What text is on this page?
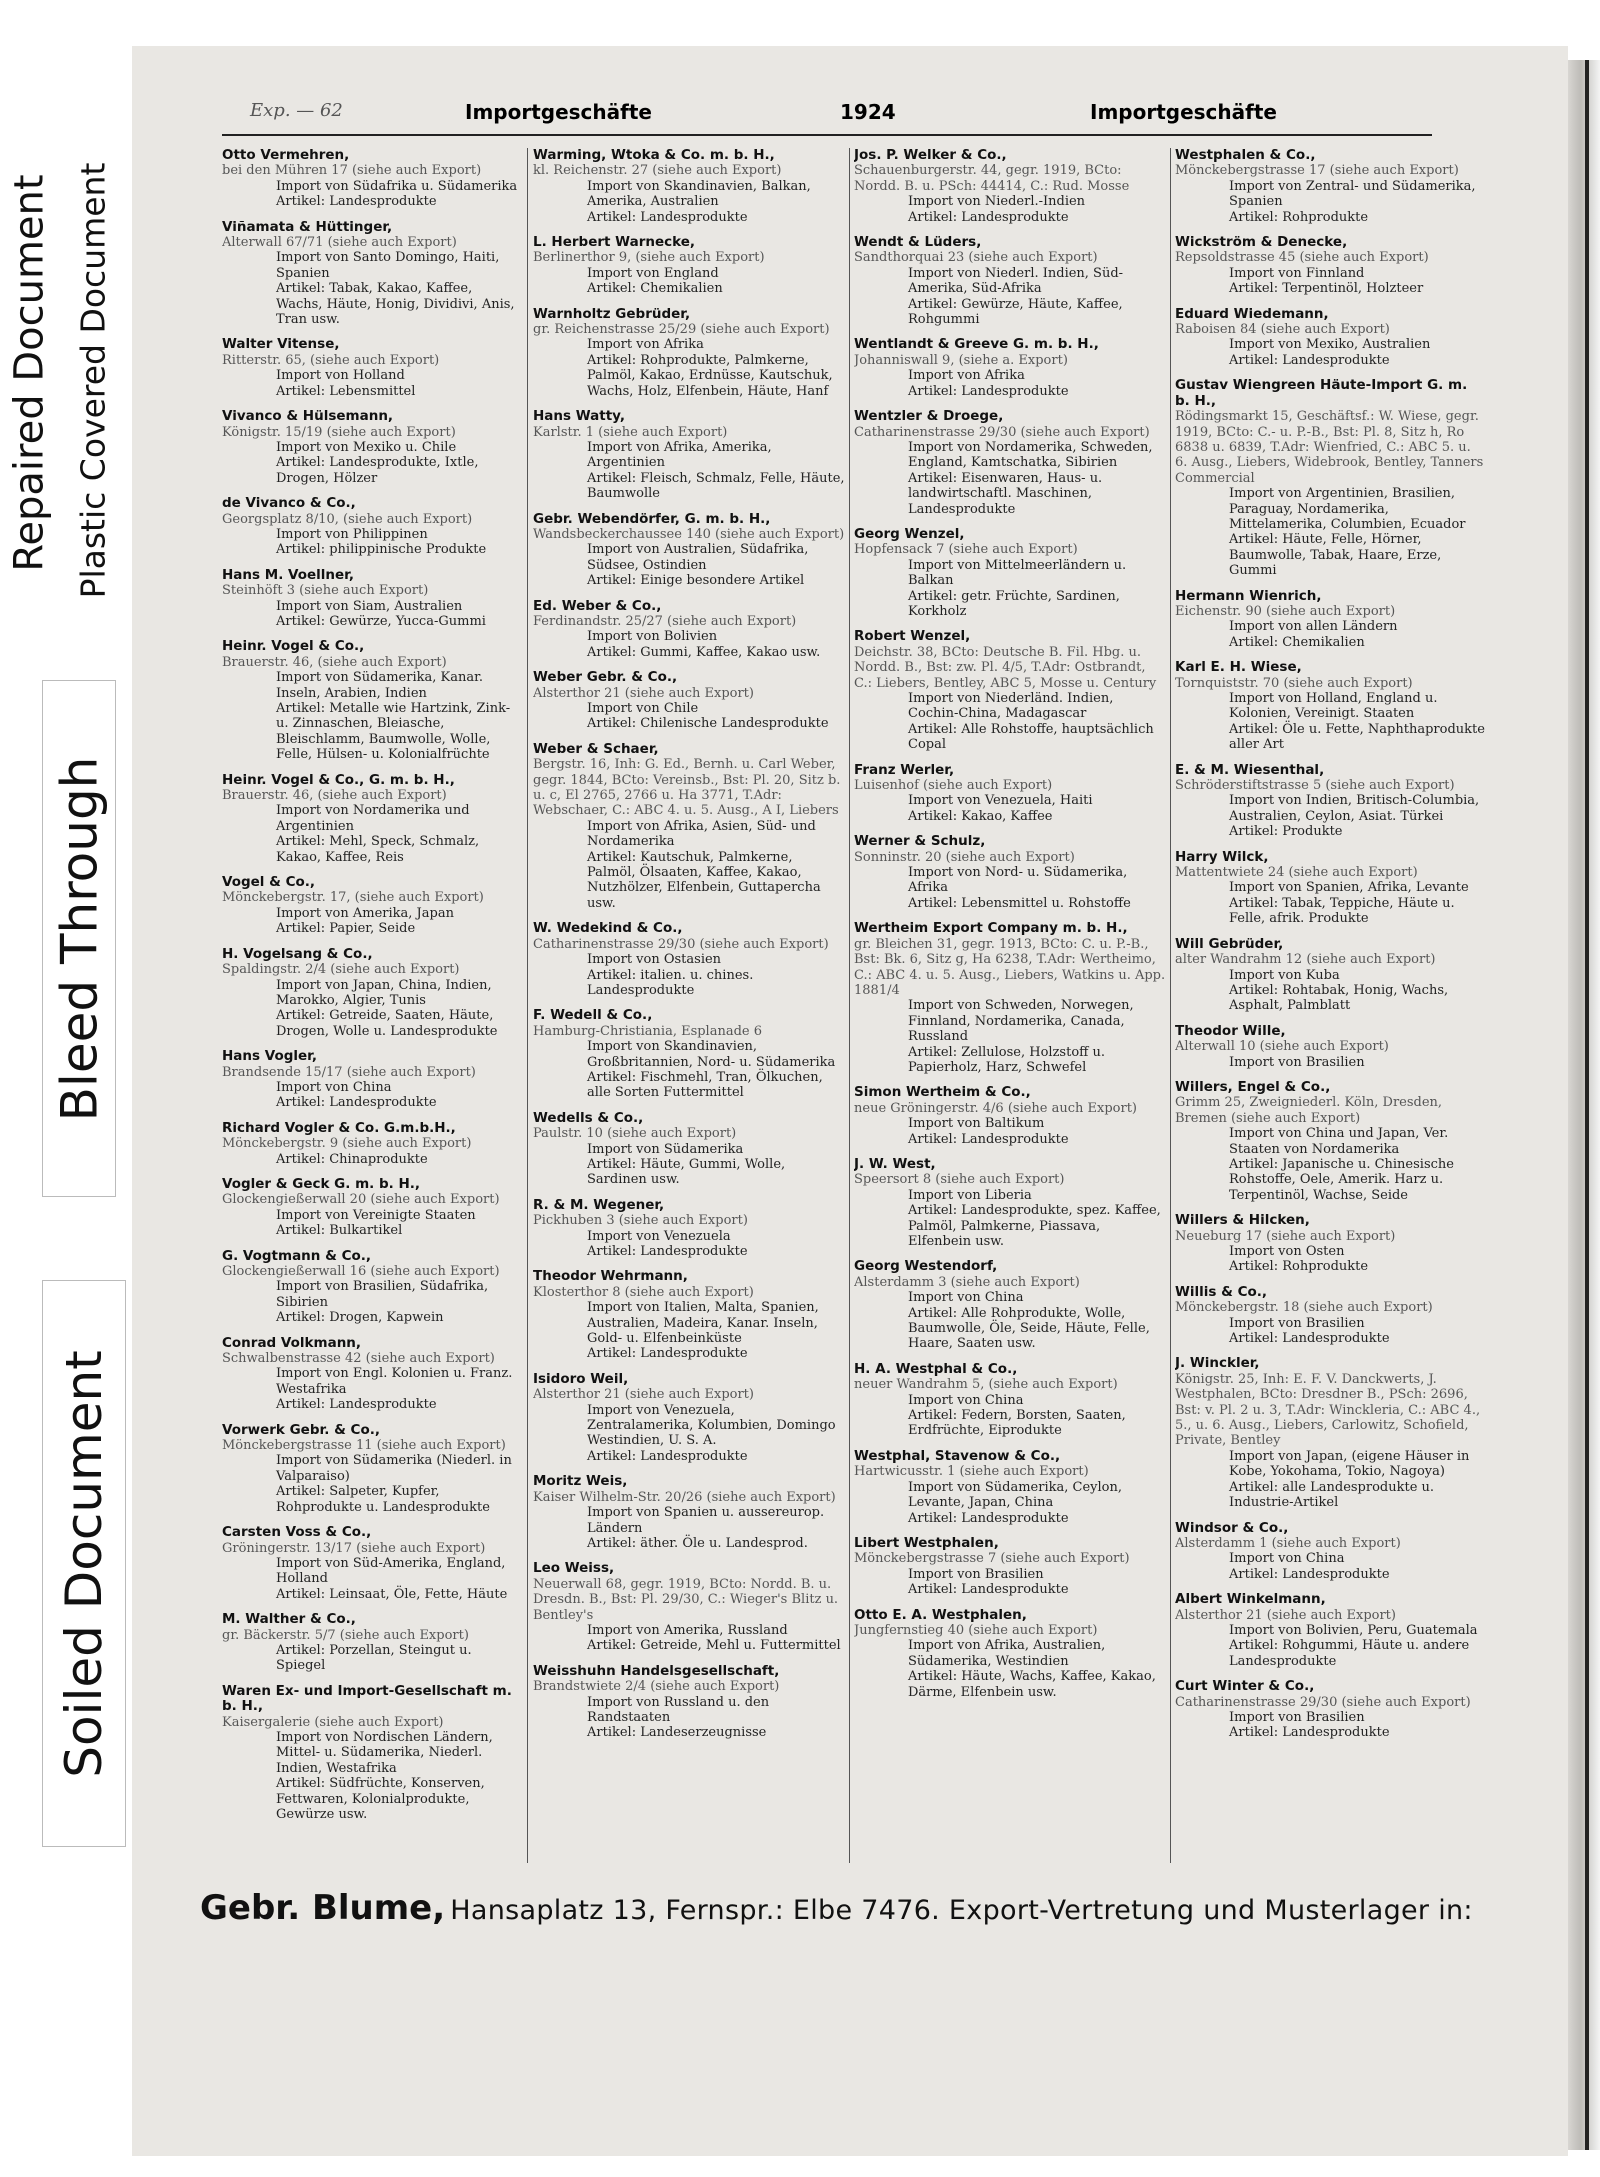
Repaired Document Plastic Covered Document
Bleed Through
Soiled Document
Exp. — 62	Importgeschäfte	1924	Importgeschäfte

Otto Vermehren,

bei den Mühren 17 (siehe auch Export)

Import von Südafrika u. Südamerika

Artikel: Landesprodukte

Viñamata & Hüttinger,

Alterwall 67/71 (siehe auch Export)

Import von Santo Domingo, Haiti, Spanien

Artikel: Tabak, Kakao, Kaffee, Wachs, Häute, Honig, Dividivi, Anis, Tran usw.

Walter Vitense,

Ritterstr. 65, (siehe auch Export)

Import von Holland

Artikel: Lebensmittel

Vivanco & Hülsemann,

Königstr. 15/19 (siehe auch Export)

Import von Mexiko u. Chile

Artikel: Landesprodukte, Ixtle, Drogen, Hölzer

de Vivanco & Co.,

Georgsplatz 8/10, (siehe auch Export)

Import von Philippinen

Artikel: philippinische Produkte

Hans M. Voellner,

Steinhöft 3 (siehe auch Export)

Import von Siam, Australien

Artikel: Gewürze, Yucca-Gummi

Heinr. Vogel & Co.,

Brauerstr. 46, (siehe auch Export)

Import von Südamerika, Kanar. Inseln, Arabien, Indien

Artikel: Metalle wie Hartzink, Zink- u. Zinnaschen, Bleiasche, Bleischlamm, Baumwolle, Wolle, Felle, Hülsen- u. Kolonialfrüchte

Heinr. Vogel & Co., G. m. b. H.,

Brauerstr. 46, (siehe auch Export)

Import von Nordamerika und Argentinien

Artikel: Mehl, Speck, Schmalz, Kakao, Kaffee, Reis

Vogel & Co.,

Mönckebergstr. 17, (siehe auch Export)

Import von Amerika, Japan

Artikel: Papier, Seide

H. Vogelsang & Co.,

Spaldingstr. 2/4 (siehe auch Export)

Import von Japan, China, Indien, Marokko, Algier, Tunis

Artikel: Getreide, Saaten, Häute, Drogen, Wolle u. Landesprodukte

Hans Vogler,

Brandsende 15/17 (siehe auch Export)

Import von China

Artikel: Landesprodukte

Richard Vogler & Co. G.m.b.H.,

Mönckebergstr. 9 (siehe auch Export)

Artikel: Chinaprodukte

Vogler & Geck G. m. b. H.,

Glockengießerwall 20 (siehe auch Export)

Import von Vereinigte Staaten

Artikel: Bulkartikel

G. Vogtmann & Co.,

Glockengießerwall 16 (siehe auch Export)

Import von Brasilien, Südafrika, Sibirien

Artikel: Drogen, Kapwein

Conrad Volkmann,

Schwalbenstrasse 42 (siehe auch Export)

Import von Engl. Kolonien u. Franz. Westafrika

Artikel: Landesprodukte

Vorwerk Gebr. & Co.,

Mönckebergstrasse 11 (siehe auch Export)

Import von Südamerika (Niederl. in Valparaiso)

Artikel: Salpeter, Kupfer, Rohprodukte u. Landesprodukte

Carsten Voss & Co.,

Gröningerstr. 13/17 (siehe auch Export)

Import von Süd-Amerika, England, Holland

Artikel: Leinsaat, Öle, Fette, Häute

M. Walther & Co.,

gr. Bäckerstr. 5/7 (siehe auch Export)

Artikel: Porzellan, Steingut u. Spiegel

Waren Ex- und Import-Gesellschaft m. b. H.,

Kaisergalerie (siehe auch Export)

Import von Nordischen Ländern, Mittel- u. Südamerika, Niederl. Indien, Westafrika

Artikel: Südfrüchte, Konserven, Fettwaren, Kolonialprodukte, Gewürze usw.

Warming, Wtoka & Co. m. b. H.,

kl. Reichenstr. 27 (siehe auch Export)

Import von Skandinavien, Balkan, Amerika, Australien

Artikel: Landesprodukte

L. Herbert Warnecke,

Berlinerthor 9, (siehe auch Export)

Import von England

Artikel: Chemikalien

Warnholtz Gebrüder,

gr. Reichenstrasse 25/29 (siehe auch Export)

Import von Afrika

Artikel: Rohprodukte, Palmkerne, Palmöl, Kakao, Erdnüsse, Kautschuk, Wachs, Holz, Elfenbein, Häute, Hanf

Hans Watty,

Karlstr. 1 (siehe auch Export)

Import von Afrika, Amerika, Argentinien

Artikel: Fleisch, Schmalz, Felle, Häute, Baumwolle

Gebr. Webendörfer, G. m. b. H.,

Wandsbeckerchaussee 140 (siehe auch Export)

Import von Australien, Südafrika, Südsee, Ostindien

Artikel: Einige besondere Artikel

Ed. Weber & Co.,

Ferdinandstr. 25/27 (siehe auch Export)

Import von Bolivien

Artikel: Gummi, Kaffee, Kakao usw.

Weber Gebr. & Co.,

Alsterthor 21 (siehe auch Export)

Import von Chile

Artikel: Chilenische Landesprodukte

Weber & Schaer,

Bergstr. 16, Inh: G. Ed., Bernh. u. Carl Weber, gegr. 1844, BCto: Vereinsb., Bst: Pl. 20, Sitz b. u. c, El 2765, 2766 u. Ha 3771, T.Adr: Webschaer, C.: ABC 4. u. 5. Ausg., A I, Liebers

Import von Afrika, Asien, Süd- und Nordamerika

Artikel: Kautschuk, Palmkerne, Palmöl, Ölsaaten, Kaffee, Kakao, Nutzhölzer, Elfenbein, Guttapercha usw.

W. Wedekind & Co.,

Catharinenstrasse 29/30 (siehe auch Export)

Import von Ostasien

Artikel: italien. u. chines. Landesprodukte

F. Wedell & Co.,

Hamburg-Christiania, Esplanade 6

Import von Skandinavien, Großbritannien, Nord- u. Südamerika

Artikel: Fischmehl, Tran, Ölkuchen, alle Sorten Futtermittel

Wedells & Co.,

Paulstr. 10 (siehe auch Export)

Import von Südamerika

Artikel: Häute, Gummi, Wolle, Sardinen usw.

R. & M. Wegener,

Pickhuben 3 (siehe auch Export)

Import von Venezuela

Artikel: Landesprodukte

Theodor Wehrmann,

Klosterthor 8 (siehe auch Export)

Import von Italien, Malta, Spanien, Australien, Madeira, Kanar. Inseln, Gold- u. Elfenbeinküste

Artikel: Landesprodukte

Isidoro Weil,

Alsterthor 21 (siehe auch Export)

Import von Venezuela, Zentralamerika, Kolumbien, Domingo Westindien, U. S. A.

Artikel: Landesprodukte

Moritz Weis,

Kaiser Wilhelm-Str. 20/26 (siehe auch Export)

Import von Spanien u. aussereurop. Ländern

Artikel: äther. Öle u. Landesprod.

Leo Weiss,

Neuerwall 68, gegr. 1919, BCto: Nordd. B. u. Dresdn. B., Bst: Pl. 29/30, C.: Wieger's Blitz u. Bentley's

Import von Amerika, Russland

Artikel: Getreide, Mehl u. Futtermittel

Weisshuhn Handelsgesellschaft,

Brandstwiete 2/4 (siehe auch Export)

Import von Russland u. den Randstaaten

Artikel: Landeserzeugnisse

Jos. P. Welker & Co.,

Schauenburgerstr. 44, gegr. 1919, BCto: Nordd. B. u. PSch: 44414, C.: Rud. Mosse

Import von Niederl.-Indien

Artikel: Landesprodukte

Wendt & Lüders,

Sandthorquai 23 (siehe auch Export)

Import von Niederl. Indien, Süd-Amerika, Süd-Afrika

Artikel: Gewürze, Häute, Kaffee, Rohgummi

Wentlandt & Greeve G. m. b. H.,

Johanniswall 9, (siehe a. Export)

Import von Afrika

Artikel: Landesprodukte

Wentzler & Droege,

Catharinenstrasse 29/30 (siehe auch Export)

Import von Nordamerika, Schweden, England, Kamtschatka, Sibirien

Artikel: Eisenwaren, Haus- u. landwirtschaftl. Maschinen, Landesprodukte

Georg Wenzel,

Hopfensack 7 (siehe auch Export)

Import von Mittelmeerländern u. Balkan

Artikel: getr. Früchte, Sardinen, Korkholz

Robert Wenzel,

Deichstr. 38, BCto: Deutsche B. Fil. Hbg. u. Nordd. B., Bst: zw. Pl. 4/5, T.Adr: Ostbrandt, C.: Liebers, Bentley, ABC 5, Mosse u. Century

Import von Niederländ. Indien, Cochin-China, Madagascar

Artikel: Alle Rohstoffe, hauptsächlich Copal

Franz Werler,

Luisenhof (siehe auch Export)

Import von Venezuela, Haiti

Artikel: Kakao, Kaffee

Werner & Schulz,

Sonninstr. 20 (siehe auch Export)

Import von Nord- u. Südamerika, Afrika

Artikel: Lebensmittel u. Rohstoffe

Wertheim Export Company m. b. H.,

gr. Bleichen 31, gegr. 1913, BCto: C. u. P.-B., Bst: Bk. 6, Sitz g, Ha 6238, T.Adr: Wertheimo, C.: ABC 4. u. 5. Ausg., Liebers, Watkins u. App. 1881/4

Import von Schweden, Norwegen, Finnland, Nordamerika, Canada, Russland

Artikel: Zellulose, Holzstoff u. Papierholz, Harz, Schwefel

Simon Wertheim & Co.,

neue Gröningerstr. 4/6 (siehe auch Export)

Import von Baltikum

Artikel: Landesprodukte

J. W. West,

Speersort 8 (siehe auch Export)

Import von Liberia

Artikel: Landesprodukte, spez. Kaffee, Palmöl, Palmkerne, Piassava, Elfenbein usw.

Georg Westendorf,

Alsterdamm 3 (siehe auch Export)

Import von China

Artikel: Alle Rohprodukte, Wolle, Baumwolle, Öle, Seide, Häute, Felle, Haare, Saaten usw.

H. A. Westphal & Co.,

neuer Wandrahm 5, (siehe auch Export)

Import von China

Artikel: Federn, Borsten, Saaten, Erdfrüchte, Eiprodukte

Westphal, Stavenow & Co.,

Hartwicusstr. 1 (siehe auch Export)

Import von Südamerika, Ceylon, Levante, Japan, China

Artikel: Landesprodukte

Libert Westphalen,

Mönckebergstrasse 7 (siehe auch Export)

Import von Brasilien

Artikel: Landesprodukte

Otto E. A. Westphalen,

Jungfernstieg 40 (siehe auch Export)

Import von Afrika, Australien, Südamerika, Westindien

Artikel: Häute, Wachs, Kaffee, Kakao, Därme, Elfenbein usw.

Westphalen & Co.,

Mönckebergstrasse 17 (siehe auch Export)

Import von Zentral- und Südamerika, Spanien

Artikel: Rohprodukte

Wickström & Denecke,

Repsoldstrasse 45 (siehe auch Export)

Import von Finnland

Artikel: Terpentinöl, Holzteer

Eduard Wiedemann,

Raboisen 84 (siehe auch Export)

Import von Mexiko, Australien

Artikel: Landesprodukte

Gustav Wiengreen Häute-Import G. m. b. H.,

Rödingsmarkt 15, Geschäftsf.: W. Wiese, gegr. 1919, BCto: C.- u. P.-B., Bst: Pl. 8, Sitz h, Ro 6838 u. 6839, T.Adr: Wienfried, C.: ABC 5. u. 6. Ausg., Liebers, Widebrook, Bentley, Tanners Commercial

Import von Argentinien, Brasilien, Paraguay, Nordamerika, Mittelamerika, Columbien, Ecuador

Artikel: Häute, Felle, Hörner, Baumwolle, Tabak, Haare, Erze, Gummi

Hermann Wienrich,

Eichenstr. 90 (siehe auch Export)

Import von allen Ländern

Artikel: Chemikalien

Karl E. H. Wiese,

Tornquiststr. 70 (siehe auch Export)

Import von Holland, England u. Kolonien, Vereinigt. Staaten

Artikel: Öle u. Fette, Naphthaprodukte aller Art

E. & M. Wiesenthal,

Schröderstiftstrasse 5 (siehe auch Export)

Import von Indien, Britisch-Columbia, Australien, Ceylon, Asiat. Türkei

Artikel: Produkte

Harry Wilck,

Mattentwiete 24 (siehe auch Export)

Import von Spanien, Afrika, Levante

Artikel: Tabak, Teppiche, Häute u. Felle, afrik. Produkte

Will Gebrüder,

alter Wandrahm 12 (siehe auch Export)

Import von Kuba

Artikel: Rohtabak, Honig, Wachs, Asphalt, Palmblatt

Theodor Wille,

Alterwall 10 (siehe auch Export)

Import von Brasilien

Willers, Engel & Co.,

Grimm 25, Zweigniederl. Köln, Dresden, Bremen (siehe auch Export)

Import von China und Japan, Ver. Staaten von Nordamerika

Artikel: Japanische u. Chinesische Rohstoffe, Oele, Amerik. Harz u. Terpentinöl, Wachse, Seide

Willers & Hilcken,

Neueburg 17 (siehe auch Export)

Import von Osten

Artikel: Rohprodukte

Willis & Co.,

Mönckebergstr. 18 (siehe auch Export)

Import von Brasilien

Artikel: Landesprodukte

J. Winckler,

Königstr. 25, Inh: E. F. V. Danckwerts, J. Westphalen, BCto: Dresdner B., PSch: 2696, Bst: v. Pl. 2 u. 3, T.Adr: Winckleria, C.: ABC 4., 5., u. 6. Ausg., Liebers, Carlowitz, Schofield, Private, Bentley

Import von Japan, (eigene Häuser in Kobe, Yokohama, Tokio, Nagoya)

Artikel: alle Landesprodukte u. Industrie-Artikel

Windsor & Co.,

Alsterdamm 1 (siehe auch Export)

Import von China

Artikel: Landesprodukte

Albert Winkelmann,

Alsterthor 21 (siehe auch Export)

Import von Bolivien, Peru, Guatemala

Artikel: Rohgummi, Häute u. andere Landesprodukte

Curt Winter & Co.,

Catharinenstrasse 29/30 (siehe auch Export)

Import von Brasilien

Artikel: Landesprodukte

Gebr. Blume, Hansaplatz 13, Fernspr.: Elbe 7476. Export-Vertretung und Musterlager in:
